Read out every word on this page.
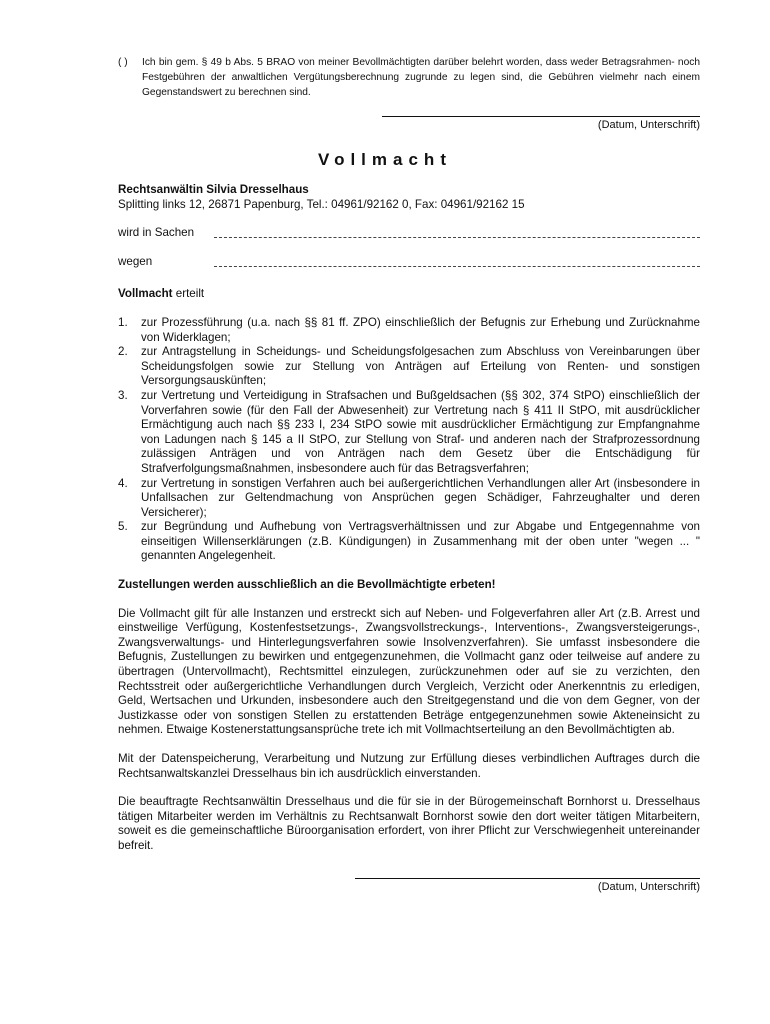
( ) Ich bin gem. § 49 b Abs. 5 BRAO von meiner Bevollmächtigten darüber belehrt worden, dass weder Betragsrahmen- noch Festgebühren der anwaltlichen Vergütungsberechnung zugrunde zu legen sind, die Gebühren vielmehr nach einem Gegenstandswert zu berechnen sind.
(Datum, Unterschrift)
Vollmacht
Rechtsanwältin Silvia Dresselhaus
Splitting links 12, 26871 Papenburg, Tel.: 04961/92162 0, Fax: 04961/92162 15
wird in Sachen
wegen
Vollmacht erteilt
1.	zur Prozessführung (u.a. nach §§ 81 ff. ZPO) einschließlich der Befugnis zur Erhebung und Zurücknahme von Widerklagen;
2.	zur Antragstellung in Scheidungs- und Scheidungsfolgesachen zum Abschluss von Vereinbarungen über Scheidungsfolgen sowie zur Stellung von Anträgen auf Erteilung von Renten- und sonstigen Versorgungsauskünften;
3.	zur Vertretung und Verteidigung in Strafsachen und Bußgeldsachen (§§ 302, 374 StPO) einschließlich der Vorverfahren sowie (für den Fall der Abwesenheit) zur Vertretung nach § 411 II StPO, mit ausdrücklicher Ermächtigung auch nach §§ 233 I, 234 StPO sowie mit ausdrücklicher Ermächtigung zur Empfangnahme von Ladungen nach § 145 a II StPO, zur Stellung von Straf- und anderen nach der Strafprozessordnung zulässigen Anträgen und von Anträgen nach dem Gesetz über die Entschädigung für Strafverfolgungsmaßnahmen, insbesondere auch für das Betragsverfahren;
4.	zur Vertretung in sonstigen Verfahren auch bei außergerichtlichen Verhandlungen aller Art (insbesondere in Unfallsachen zur Geltendmachung von Ansprüchen gegen Schädiger, Fahrzeughalter und deren Versicherer);
5.	zur Begründung und Aufhebung von Vertragsverhältnissen und zur Abgabe und Entgegennahme von einseitigen Willenserklärungen (z.B. Kündigungen) in Zusammenhang mit der oben unter "wegen ... " genannten Angelegenheit.
Zustellungen werden ausschließlich an die Bevollmächtigte erbeten!

Die Vollmacht gilt für alle Instanzen und erstreckt sich auf Neben- und Folgeverfahren aller Art (z.B. Arrest und einstweilige Verfügung, Kostenfestsetzungs-, Zwangsvollstreckungs-, Interventions-, Zwangsversteigerungs-, Zwangsverwaltungs- und Hinterlegungsverfahren sowie Insolvenzverfahren). Sie umfasst insbesondere die Befugnis, Zustellungen zu bewirken und entgegenzunehmen, die Vollmacht ganz oder teilweise auf andere zu übertragen (Untervollmacht), Rechtsmittel einzulegen, zurückzunehmen oder auf sie zu verzichten, den Rechtsstreit oder außergerichtliche Verhandlungen durch Vergleich, Verzicht oder Anerkenntnis zu erledigen, Geld, Wertsachen und Urkunden, insbesondere auch den Streitgegenstand und die von dem Gegner, von der Justizkasse oder von sonstigen Stellen zu erstattenden Beträge entgegenzunehmen sowie Akteneinsicht zu nehmen. Etwaige Kostenerstattungsansprüche trete ich mit Vollmachtserteilung an den Bevollmächtigten ab.

Mit der Datenspeicherung, Verarbeitung und Nutzung zur Erfüllung dieses verbindlichen Auftrages durch die Rechtsanwaltskanzlei Dresselhaus bin ich ausdrücklich einverstanden.

Die beauftragte Rechtsanwältin Dresselhaus und die für sie in der Bürogemeinschaft Bornhorst u. Dresselhaus tätigen Mitarbeiter werden im Verhältnis zu Rechtsanwalt Bornhorst sowie den dort weiter tätigen Mitarbeitern, soweit es die gemeinschaftliche Büroorganisation erfordert, von ihrer Pflicht zur Verschwiegenheit untereinander befreit.

(Datum, Unterschrift)
